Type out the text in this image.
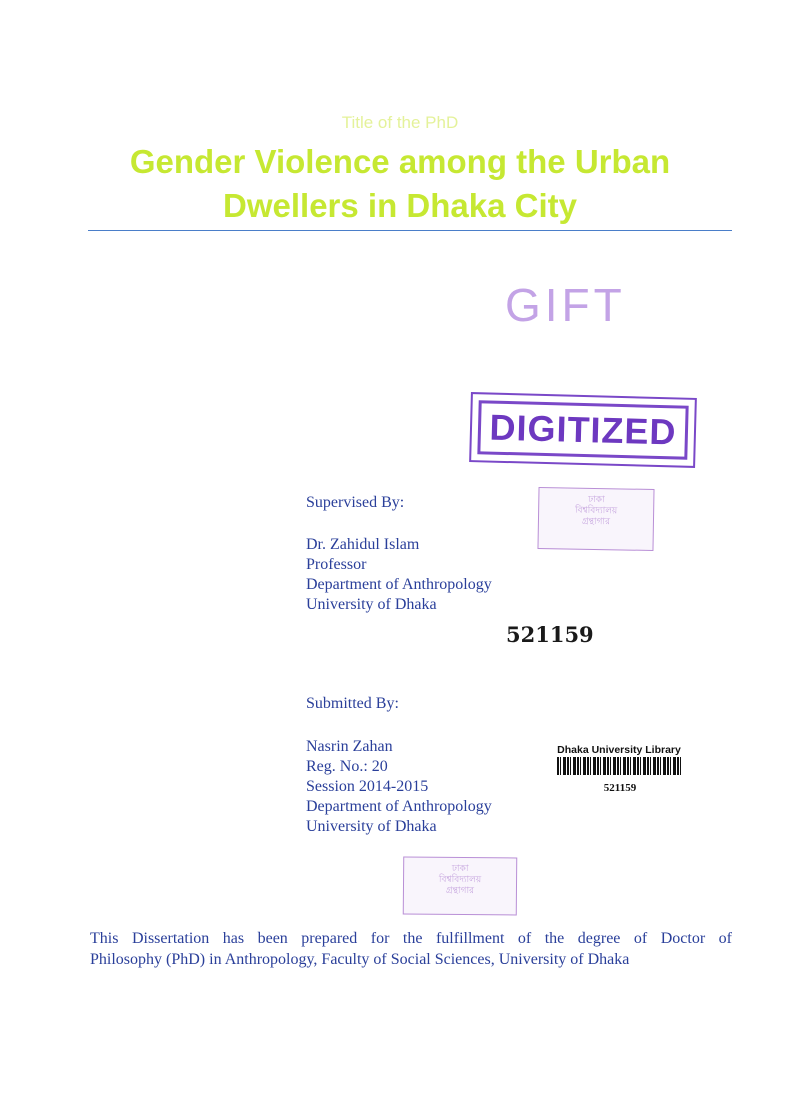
Title of the PhD
Gender Violence among the Urban
Dwellers in Dhaka City
GIFT
DIGITIZED
ঢাকা
বিশ্ববিদ্যালয়
গ্রন্থাগার
Supervised By:
Dr. Zahidul Islam
Professor
Department of Anthropology
University of Dhaka
521159
Submitted By:
Nasrin Zahan
Reg. No.: 20
Session 2014-2015
Department of Anthropology
University of Dhaka
Dhaka University Library
521159
ঢাকা
বিশ্ববিদ্যালয়
গ্রন্থাগার
This Dissertation has been prepared for the fulfillment of the degree of Doctor of
Philosophy (PhD) in Anthropology, Faculty of Social Sciences, University of Dhaka
